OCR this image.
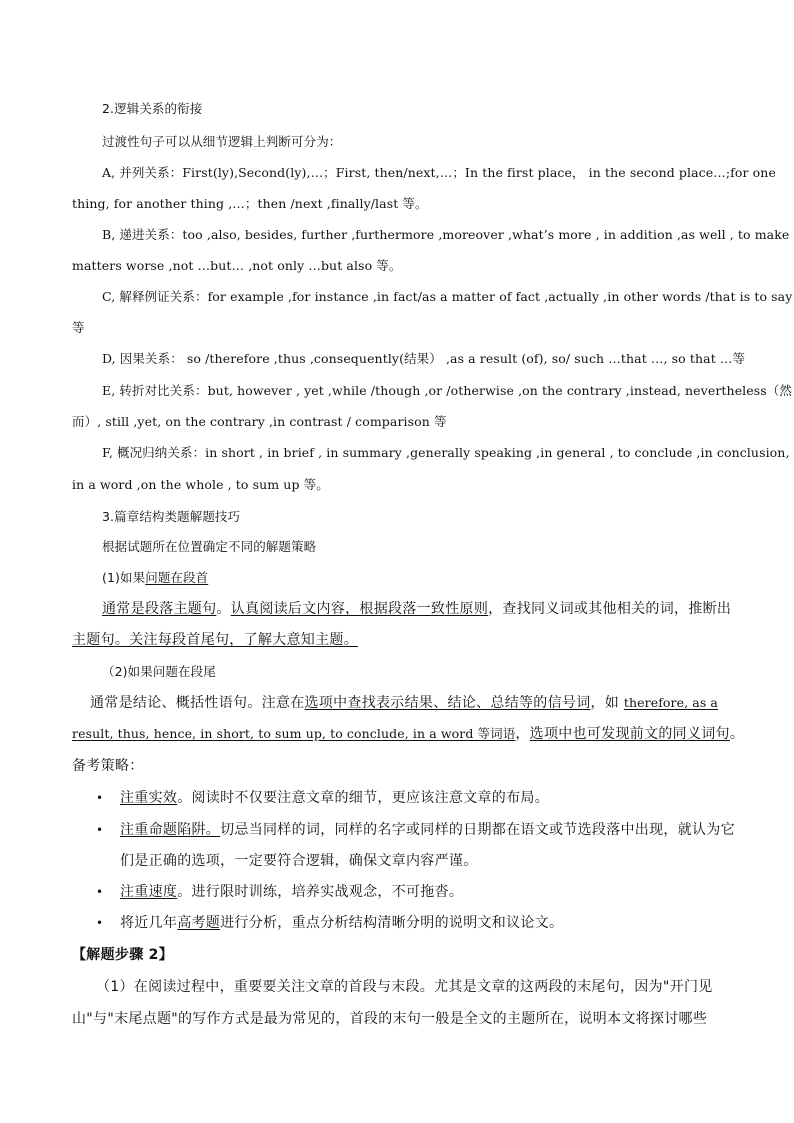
2.逻辑关系的衔接
过渡性句子可以从细节逻辑上判断可分为：
A, 并列关系：First(ly),Second(ly),…；First, then/next,…；In the first place， in the second place…;for one
thing, for another thing ,…；then /next ,finally/last 等。
B, 递进关系：too ,also, besides, further ,furthermore ,moreover ,what’s more , in addition ,as well , to make
matters worse ,not …but… ,not only …but also 等。
C, 解释例证关系：for example ,for instance ,in fact/as a matter of fact ,actually ,in other words /that is to say
等
D, 因果关系： so /therefore ,thus ,consequently(结果） ,as a result (of), so/ such …that …, so that …等
E, 转折对比关系：but, however , yet ,while /though ,or /otherwise ,on the contrary ,instead, nevertheless（然
而）, still ,yet, on the contrary ,in contrast / comparison 等
F, 概况归纳关系：in short , in brief , in summary ,generally speaking ,in general , to conclude ,in conclusion,
in a word ,on the whole , to sum up 等。
3.篇章结构类题解题技巧
根据试题所在位置确定不同的解题策略
(1)如果问题在段首
通常是段落主题句。认真阅读后文内容，根据段落一致性原则，查找同义词或其他相关的词，推断出
主题句。关注每段首尾句，了解大意知主题。
（2)如果问题在段尾
通常是结论、概括性语句。注意在选项中查找表示结果、结论、总结等的信号词，如 therefore, as a
result, thus, hence, in short, to sum up, to conclude, in a word 等词语，选项中也可发现前文的同义词句。
备考策略：
• 注重实效。阅读时不仅要注意文章的细节，更应该注意文章的布局。
• 注重命题陷阱。切忌当同样的词，同样的名字或同样的日期都在语文或节选段落中出现，就认为它
们是正确的选项，一定要符合逻辑，确保文章内容严谨。
• 注重速度。进行限时训练，培养实战观念，不可拖沓。
• 将近几年高考题进行分析，重点分析结构清晰分明的说明文和议论文。
【解题步骤 2】
（1）在阅读过程中，重要要关注文章的首段与末段。尤其是文章的这两段的末尾句，因为"开门见
山"与"末尾点题"的写作方式是最为常见的，首段的末句一般是全文的主题所在，说明本文将探讨哪些
